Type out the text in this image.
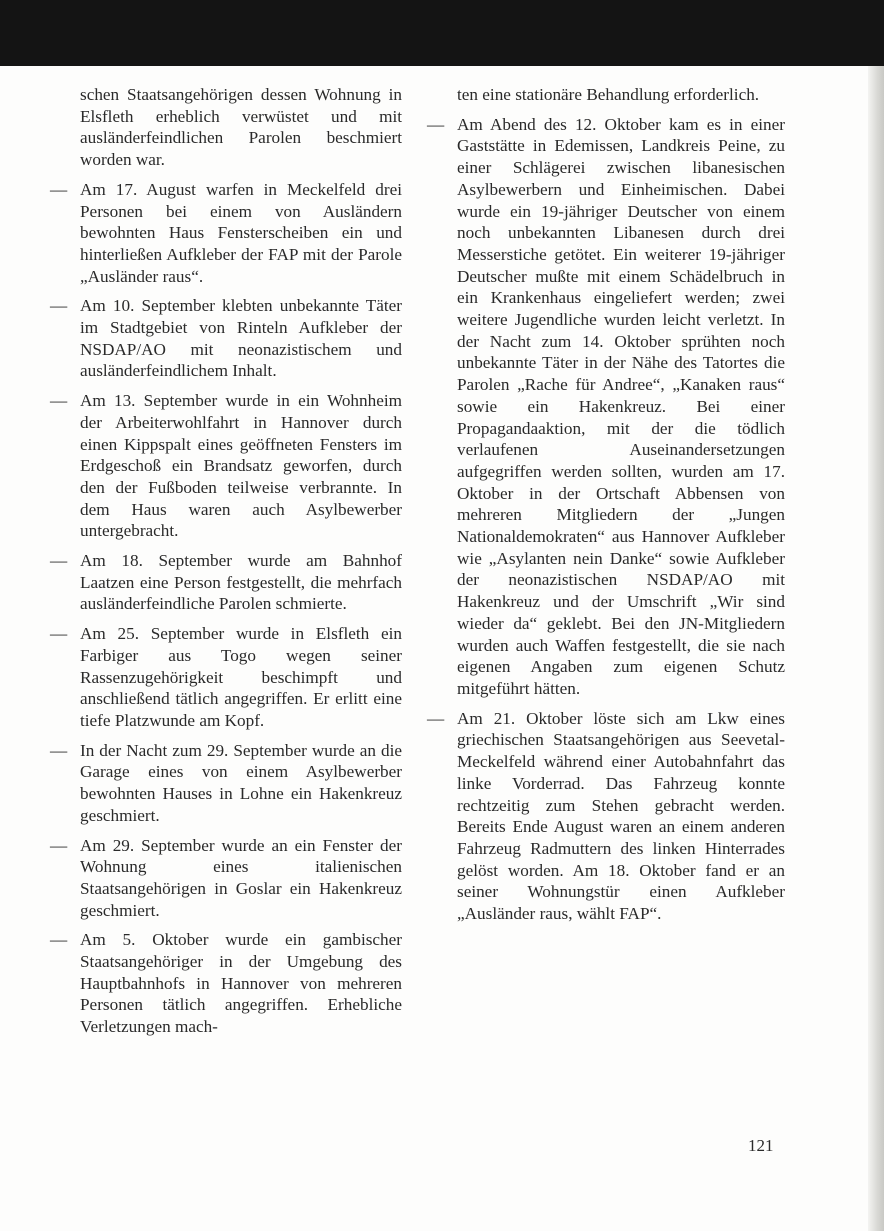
schen Staatsangehörigen dessen Wohnung in Elsfleth erheblich verwüstet und mit ausländerfeindlichen Parolen beschmiert worden war.

— Am 17. August warfen in Meckelfeld drei Personen bei einem von Ausländern bewohnten Haus Fensterscheiben ein und hinterließen Aufkleber der FAP mit der Parole „Ausländer raus“.

— Am 10. September klebten unbekannte Täter im Stadtgebiet von Rinteln Aufkleber der NSDAP/AO mit neonazistischem und ausländerfeindlichem Inhalt.

— Am 13. September wurde in ein Wohnheim der Arbeiterwohlfahrt in Hannover durch einen Kippspalt eines geöffneten Fensters im Erdgeschoß ein Brandsatz geworfen, durch den der Fußboden teilweise verbrannte. In dem Haus waren auch Asylbewerber untergebracht.

— Am 18. September wurde am Bahnhof Laatzen eine Person festgestellt, die mehrfach ausländerfeindliche Parolen schmierte.

— Am 25. September wurde in Elsfleth ein Farbiger aus Togo wegen seiner Rassenzugehörigkeit beschimpft und anschließend tätlich angegriffen. Er erlitt eine tiefe Platzwunde am Kopf.

— In der Nacht zum 29. September wurde an die Garage eines von einem Asylbewerber bewohnten Hauses in Lohne ein Hakenkreuz geschmiert.

— Am 29. September wurde an ein Fenster der Wohnung eines italienischen Staatsangehörigen in Goslar ein Hakenkreuz geschmiert.

— Am 5. Oktober wurde ein gambischer Staatsangehöriger in der Umgebung des Hauptbahnhofs in Hannover von mehreren Personen tätlich angegriffen. Erhebliche Verletzungen mach-

ten eine stationäre Behandlung erforderlich.

— Am Abend des 12. Oktober kam es in einer Gaststätte in Edemissen, Landkreis Peine, zu einer Schlägerei zwischen libanesischen Asylbewerbern und Einheimischen. Dabei wurde ein 19-jähriger Deutscher von einem noch unbekannten Libanesen durch drei Messerstiche getötet. Ein weiterer 19-jähriger Deutscher mußte mit einem Schädelbruch in ein Krankenhaus eingeliefert werden; zwei weitere Jugendliche wurden leicht verletzt. In der Nacht zum 14. Oktober sprühten noch unbekannte Täter in der Nähe des Tatortes die Parolen „Rache für Andree“, „Kanaken raus“ sowie ein Hakenkreuz. Bei einer Propagandaaktion, mit der die tödlich verlaufenen Auseinandersetzungen aufgegriffen werden sollten, wurden am 17. Oktober in der Ortschaft Abbensen von mehreren Mitgliedern der „Jungen Nationaldemokraten“ aus Hannover Aufkleber wie „Asylanten nein Danke“ sowie Aufkleber der neonazistischen NSDAP/AO mit Hakenkreuz und der Umschrift „Wir sind wieder da“ geklebt. Bei den JN-Mitgliedern wurden auch Waffen festgestellt, die sie nach eigenen Angaben zum eigenen Schutz mitgeführt hätten.

— Am 21. Oktober löste sich am Lkw eines griechischen Staatsangehörigen aus Seevetal-Meckelfeld während einer Autobahnfahrt das linke Vorderrad. Das Fahrzeug konnte rechtzeitig zum Stehen gebracht werden. Bereits Ende August waren an einem anderen Fahrzeug Radmuttern des linken Hinterrades gelöst worden. Am 18. Oktober fand er an seiner Wohnungstür einen Aufkleber „Ausländer raus, wählt FAP“.

121
